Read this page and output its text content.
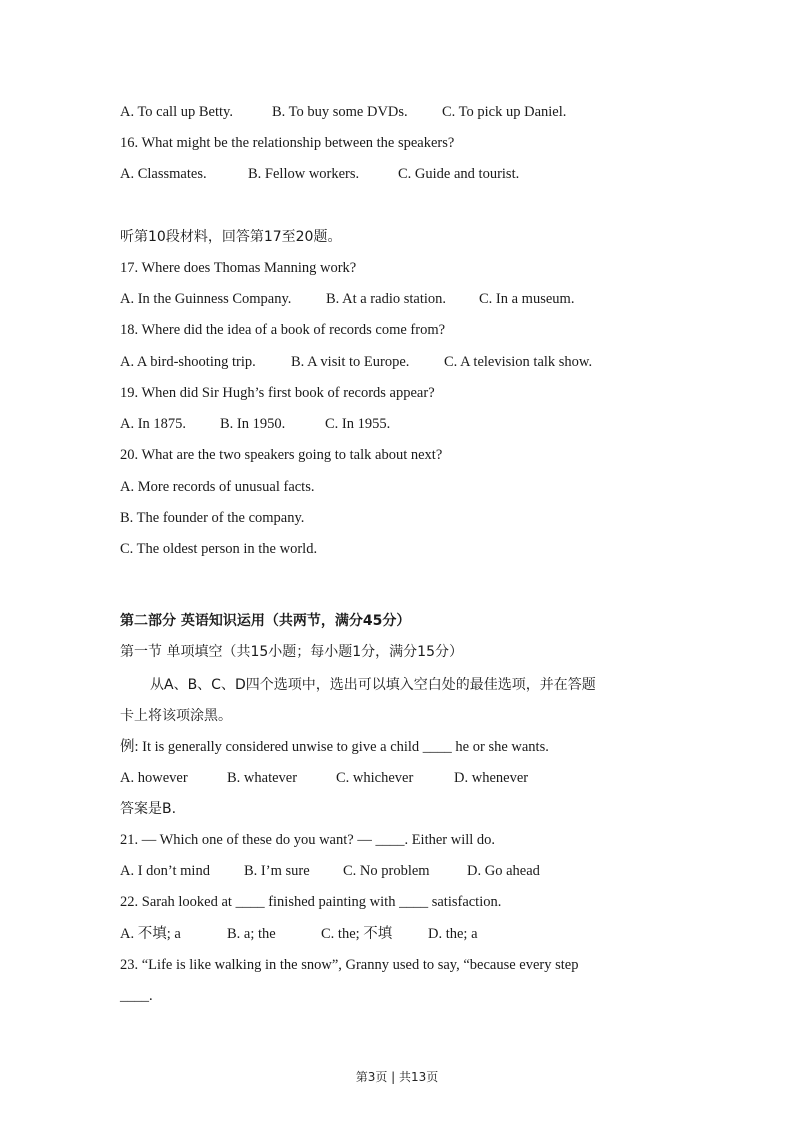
A. To call up Betty.	B. To buy some DVDs. C. To pick up Daniel.
16. What might be the relationship between the speakers?
A. Classmates.	B. Fellow workers.	C. Guide and tourist.
听第10段材料，回答第17至20题。
17. Where does Thomas Manning work?
A. In the Guinness Company. B. At a radio station. C. In a museum.
18. Where did the idea of a book of records come from?
A. A bird-shooting trip. B. A visit to Europe. C. A television talk show.
19. When did Sir Hugh’s first book of records appear?
A. In 1875. B. In 1950.	C. In 1955.
20. What are the two speakers going to talk about next?
A. More records of unusual facts.
B. The founder of the company.
C. The oldest person in the world.
第二部分 英语知识运用（共两节，满分45分）
第一节 单项填空（共15小题；每小题1分，满分15分）
从A、B、C、D四个选项中，选出可以填入空白处的最佳选项，并在答题
卡上将该项涂黑。
例: It is generally considered unwise to give a child ____ he or she wants.
A. however	B. whatever	C. whichever	D. whenever
答案是B.
21. — Which one of these do you want? — ____. Either will do.
A. I don’t mind B. I’m sure C. No problem	D. Go ahead
22. Sarah looked at ____ finished painting with ____ satisfaction.
A. 不填; a	B. a; the	C. the; 不填 D. the; a
23. “Life is like walking in the snow”, Granny used to say, “because every step
____.
第3页 | 共13页
